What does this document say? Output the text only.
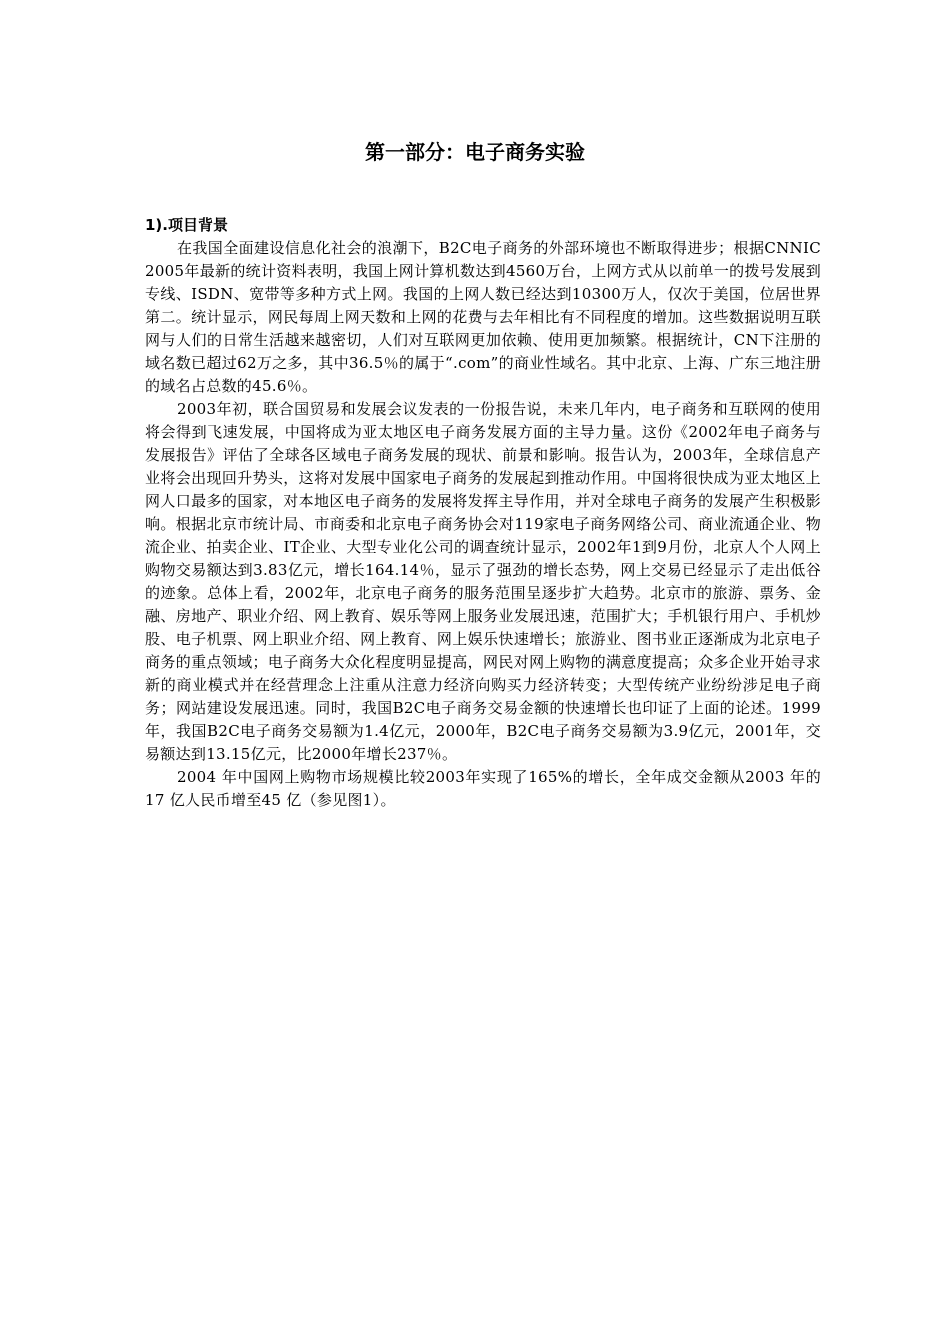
第一部分：电子商务实验

1).项目背景

在我国全面建设信息化社会的浪潮下，B2C电子商务的外部环境也不断取得进步；根据CNNIC 2005年最新的统计资料表明，我国上网计算机数达到4560万台，上网方式从以前单一的拨号发展到专线、ISDN、宽带等多种方式上网。我国的上网人数已经达到10300万人，仅次于美国，位居世界第二。统计显示，网民每周上网天数和上网的花费与去年相比有不同程度的增加。这些数据说明互联网与人们的日常生活越来越密切，人们对互联网更加依赖、使用更加频繁。根据统计，CN下注册的域名数已超过62万之多，其中36.5％的属于“.com”的商业性域名。其中北京、上海、广东三地注册的域名占总数的45.6％。

2003年初，联合国贸易和发展会议发表的一份报告说，未来几年内，电子商务和互联网的使用将会得到飞速发展，中国将成为亚太地区电子商务发展方面的主导力量。这份《2002年电子商务与发展报告》评估了全球各区域电子商务发展的现状、前景和影响。报告认为，2003年，全球信息产业将会出现回升势头，这将对发展中国家电子商务的发展起到推动作用。中国将很快成为亚太地区上网人口最多的国家，对本地区电子商务的发展将发挥主导作用，并对全球电子商务的发展产生积极影响。根据北京市统计局、市商委和北京电子商务协会对119家电子商务网络公司、商业流通企业、物流企业、拍卖企业、IT企业、大型专业化公司的调查统计显示，2002年1到9月份，北京人个人网上购物交易额达到3.83亿元，增长164.14％，显示了强劲的增长态势，网上交易已经显示了走出低谷的迹象。总体上看，2002年，北京电子商务的服务范围呈逐步扩大趋势。北京市的旅游、票务、金融、房地产、职业介绍、网上教育、娱乐等网上服务业发展迅速，范围扩大；手机银行用户、手机炒股、电子机票、网上职业介绍、网上教育、网上娱乐快速增长；旅游业、图书业正逐渐成为北京电子商务的重点领域；电子商务大众化程度明显提高，网民对网上购物的满意度提高；众多企业开始寻求新的商业模式并在经营理念上注重从注意力经济向购买力经济转变；大型传统产业纷纷涉足电子商务；网站建设发展迅速。同时，我国B2C电子商务交易金额的快速增长也印证了上面的论述。1999年，我国B2C电子商务交易额为1.4亿元，2000年，B2C电子商务交易额为3.9亿元，2001年，交易额达到13.15亿元，比2000年增长237％。

2004 年中国网上购物市场规模比较2003年实现了165%的增长，全年成交金额从2003 年的17 亿人民币增至45 亿（参见图1）。
